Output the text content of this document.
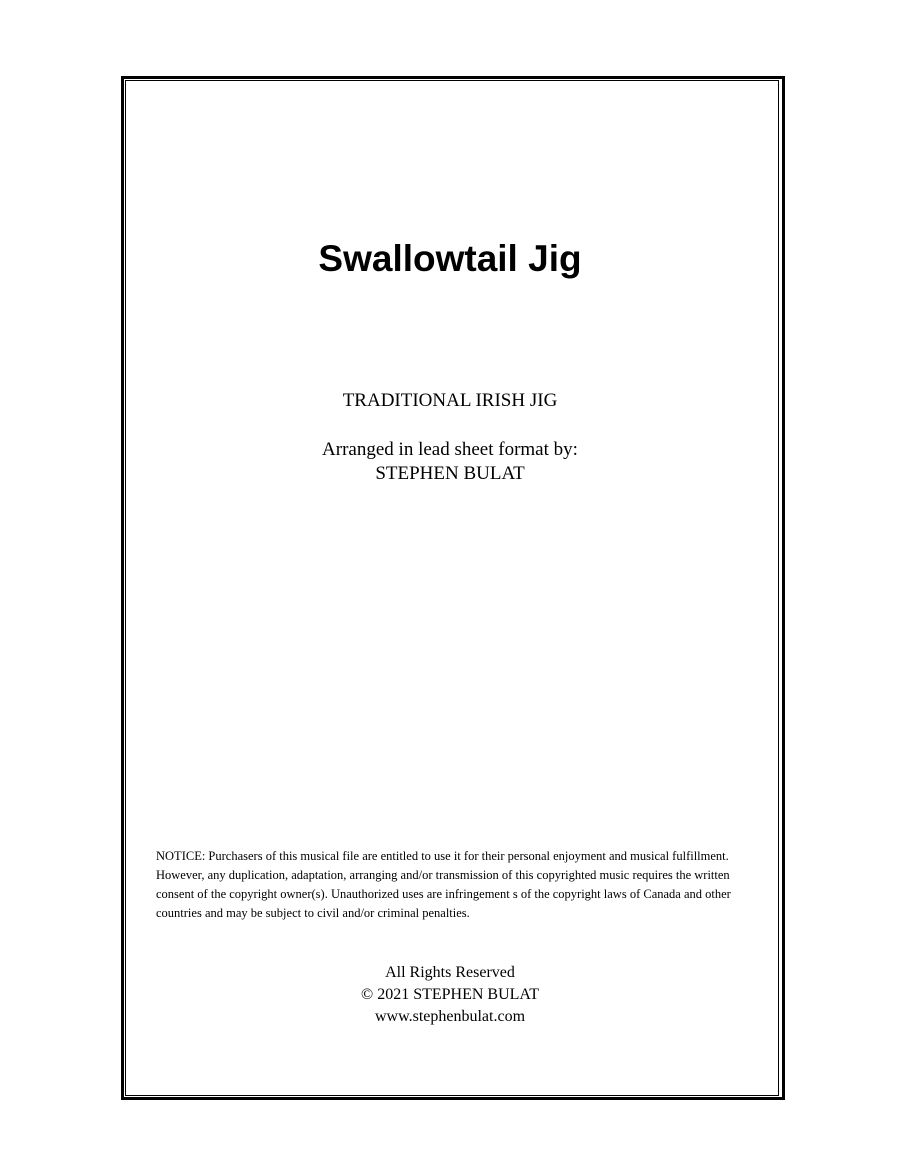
Swallowtail Jig
TRADITIONAL IRISH JIG
Arranged in lead sheet format by:
STEPHEN BULAT
NOTICE: Purchasers of this musical file are entitled to use it for their personal enjoyment and musical fulfillment. However, any duplication, adaptation, arranging and/or transmission of this copyrighted music requires the written consent of the copyright owner(s). Unauthorized uses are infringement s of the copyright laws of Canada and other countries and may be subject to civil and/or criminal penalties.
All Rights Reserved
© 2021 STEPHEN BULAT
www.stephenbulat.com
